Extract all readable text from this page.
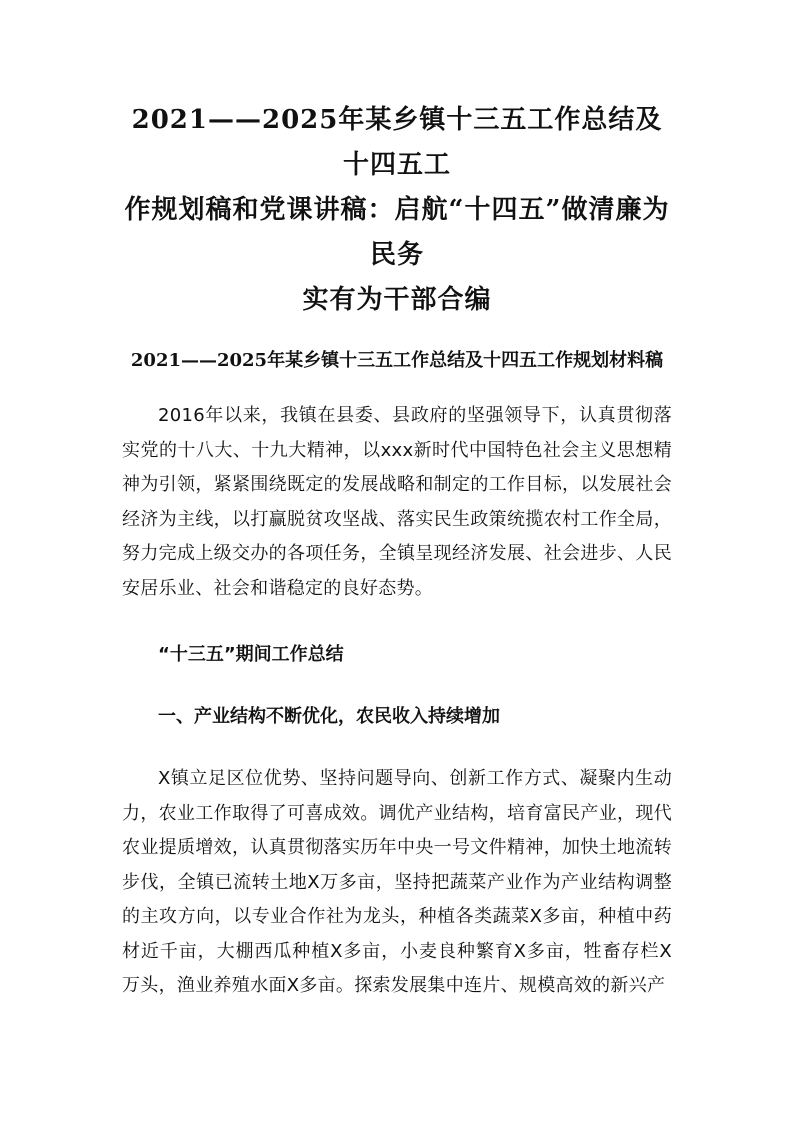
2021——2025年某乡镇十三五工作总结及十四五工
作规划稿和党课讲稿：启航“十四五”做清廉为民务
实有为干部合编
2021——2025年某乡镇十三五工作总结及十四五工作规划材料稿

2016年以来，我镇在县委、县政府的坚强领导下，认真贯彻落实党的十八大、十九大精神，以xxx新时代中国特色社会主义思想精神为引领，紧紧围绕既定的发展战略和制定的工作目标，以发展社会经济为主线，以打赢脱贫攻坚战、落实民生政策统揽农村工作全局，努力完成上级交办的各项任务，全镇呈现经济发展、社会进步、人民安居乐业、社会和谐稳定的良好态势。

“十三五”期间工作总结
一、产业结构不断优化，农民收入持续增加

X镇立足区位优势、坚持问题导向、创新工作方式、凝聚内生动力，农业工作取得了可喜成效。调优产业结构，培育富民产业，现代农业提质增效，认真贯彻落实历年中央一号文件精神，加快土地流转步伐，全镇已流转土地X万多亩，坚持把蔬菜产业作为产业结构调整的主攻方向，以专业合作社为龙头，种植各类蔬菜X多亩，种植中药材近千亩，大棚西瓜种植X多亩，小麦良种繁育X多亩，牲畜存栏X万头，渔业养殖水面X多亩。探索发展集中连片、规模高效的新兴产
